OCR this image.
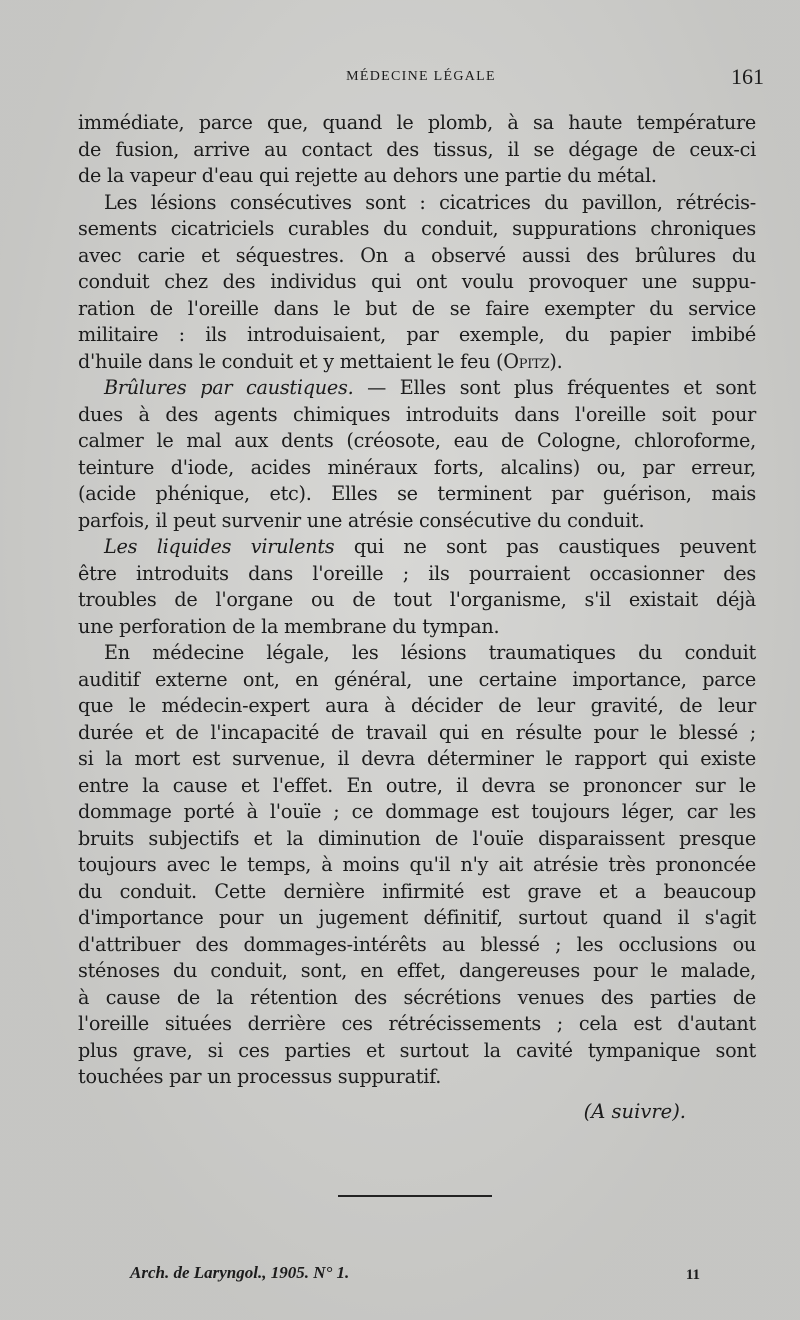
MÉDECINE LÉGALE	161
immédiate, parce que, quand le plomb, à sa haute température
de fusion, arrive au contact des tissus, il se dégage de ceux-ci
de la vapeur d'eau qui rejette au dehors une partie du métal.
Les lésions consécutives sont : cicatrices du pavillon, rétrécis-
sements cicatriciels curables du conduit, suppurations chroniques
avec carie et séquestres. On a observé aussi des brûlures du
conduit chez des individus qui ont voulu provoquer une suppu-
ration de l'oreille dans le but de se faire exempter du service
militaire : ils introduisaient, par exemple, du papier imbibé
d'huile dans le conduit et y mettaient le feu (Opitz).
Brûlures par caustiques. — Elles sont plus fréquentes et sont
dues à des agents chimiques introduits dans l'oreille soit pour
calmer le mal aux dents (créosote, eau de Cologne, chloroforme,
teinture d'iode, acides minéraux forts, alcalins) ou, par erreur,
(acide phénique, etc). Elles se terminent par guérison, mais
parfois, il peut survenir une atrésie consécutive du conduit.
Les liquides virulents qui ne sont pas caustiques peuvent
être introduits dans l'oreille ; ils pourraient occasionner des
troubles de l'organe ou de tout l'organisme, s'il existait déjà
une perforation de la membrane du tympan.
En médecine légale, les lésions traumatiques du conduit
auditif externe ont, en général, une certaine importance, parce
que le médecin-expert aura à décider de leur gravité, de leur
durée et de l'incapacité de travail qui en résulte pour le blessé ;
si la mort est survenue, il devra déterminer le rapport qui existe
entre la cause et l'effet. En outre, il devra se prononcer sur le
dommage porté à l'ouïe ; ce dommage est toujours léger, car les
bruits subjectifs et la diminution de l'ouïe disparaissent presque
toujours avec le temps, à moins qu'il n'y ait atrésie très prononcée
du conduit. Cette dernière infirmité est grave et a beaucoup
d'importance pour un jugement définitif, surtout quand il s'agit
d'attribuer des dommages-intérêts au blessé ; les occlusions ou
sténoses du conduit, sont, en effet, dangereuses pour le malade,
à cause de la rétention des sécrétions venues des parties de
l'oreille situées derrière ces rétrécissements ; cela est d'autant
plus grave, si ces parties et surtout la cavité tympanique sont
touchées par un processus suppuratif.
(A suivre).
Arch. de Laryngol., 1905. N° 1.	11
